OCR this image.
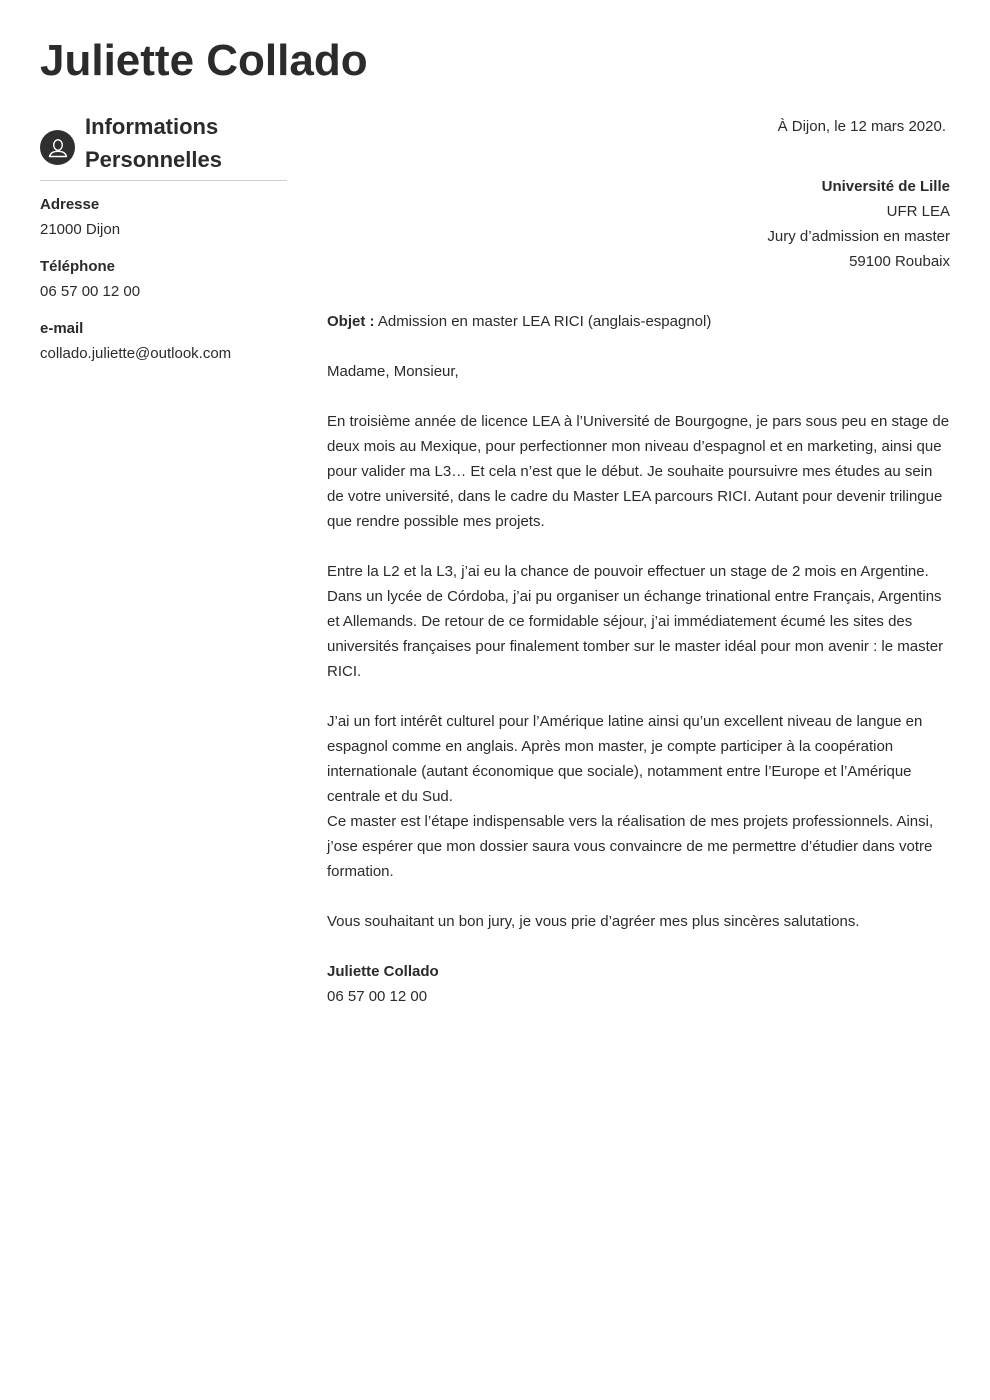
Juliette Collado
Informations Personnelles
Adresse
21000 Dijon
Téléphone
06 57 00 12 00
e-mail
collado.juliette@outlook.com
À Dijon, le 12 mars 2020.
Université de Lille
UFR LEA
Jury d’admission en master
59100 Roubaix

Objet : Admission en master LEA RICI (anglais-espagnol)

Madame, Monsieur,

En troisième année de licence LEA à l’Université de Bourgogne, je pars sous peu en stage de deux mois au Mexique, pour perfectionner mon niveau d’espagnol et en marketing, ainsi que pour valider ma L3… Et cela n’est que le début. Je souhaite poursuivre mes études au sein de votre université, dans le cadre du Master LEA parcours RICI. Autant pour devenir trilingue que rendre possible mes projets.

Entre la L2 et la L3, j’ai eu la chance de pouvoir effectuer un stage de 2 mois en Argentine. Dans un lycée de Córdoba, j’ai pu organiser un échange trinational entre Français, Argentins et Allemands. De retour de ce formidable séjour, j’ai immédiatement écumé les sites des universités françaises pour finalement tomber sur le master idéal pour mon avenir : le master RICI.

J’ai un fort intérêt culturel pour l’Amérique latine ainsi qu’un excellent niveau de langue en espagnol comme en anglais. Après mon master, je compte participer à la coopération internationale (autant économique que sociale), notamment entre l’Europe et l’Amérique centrale et du Sud.
Ce master est l’étape indispensable vers la réalisation de mes projets professionnels. Ainsi, j’ose espérer que mon dossier saura vous convaincre de me permettre d’étudier dans votre formation.

Vous souhaitant un bon jury, je vous prie d’agréer mes plus sincères salutations.

Juliette Collado
06 57 00 12 00
